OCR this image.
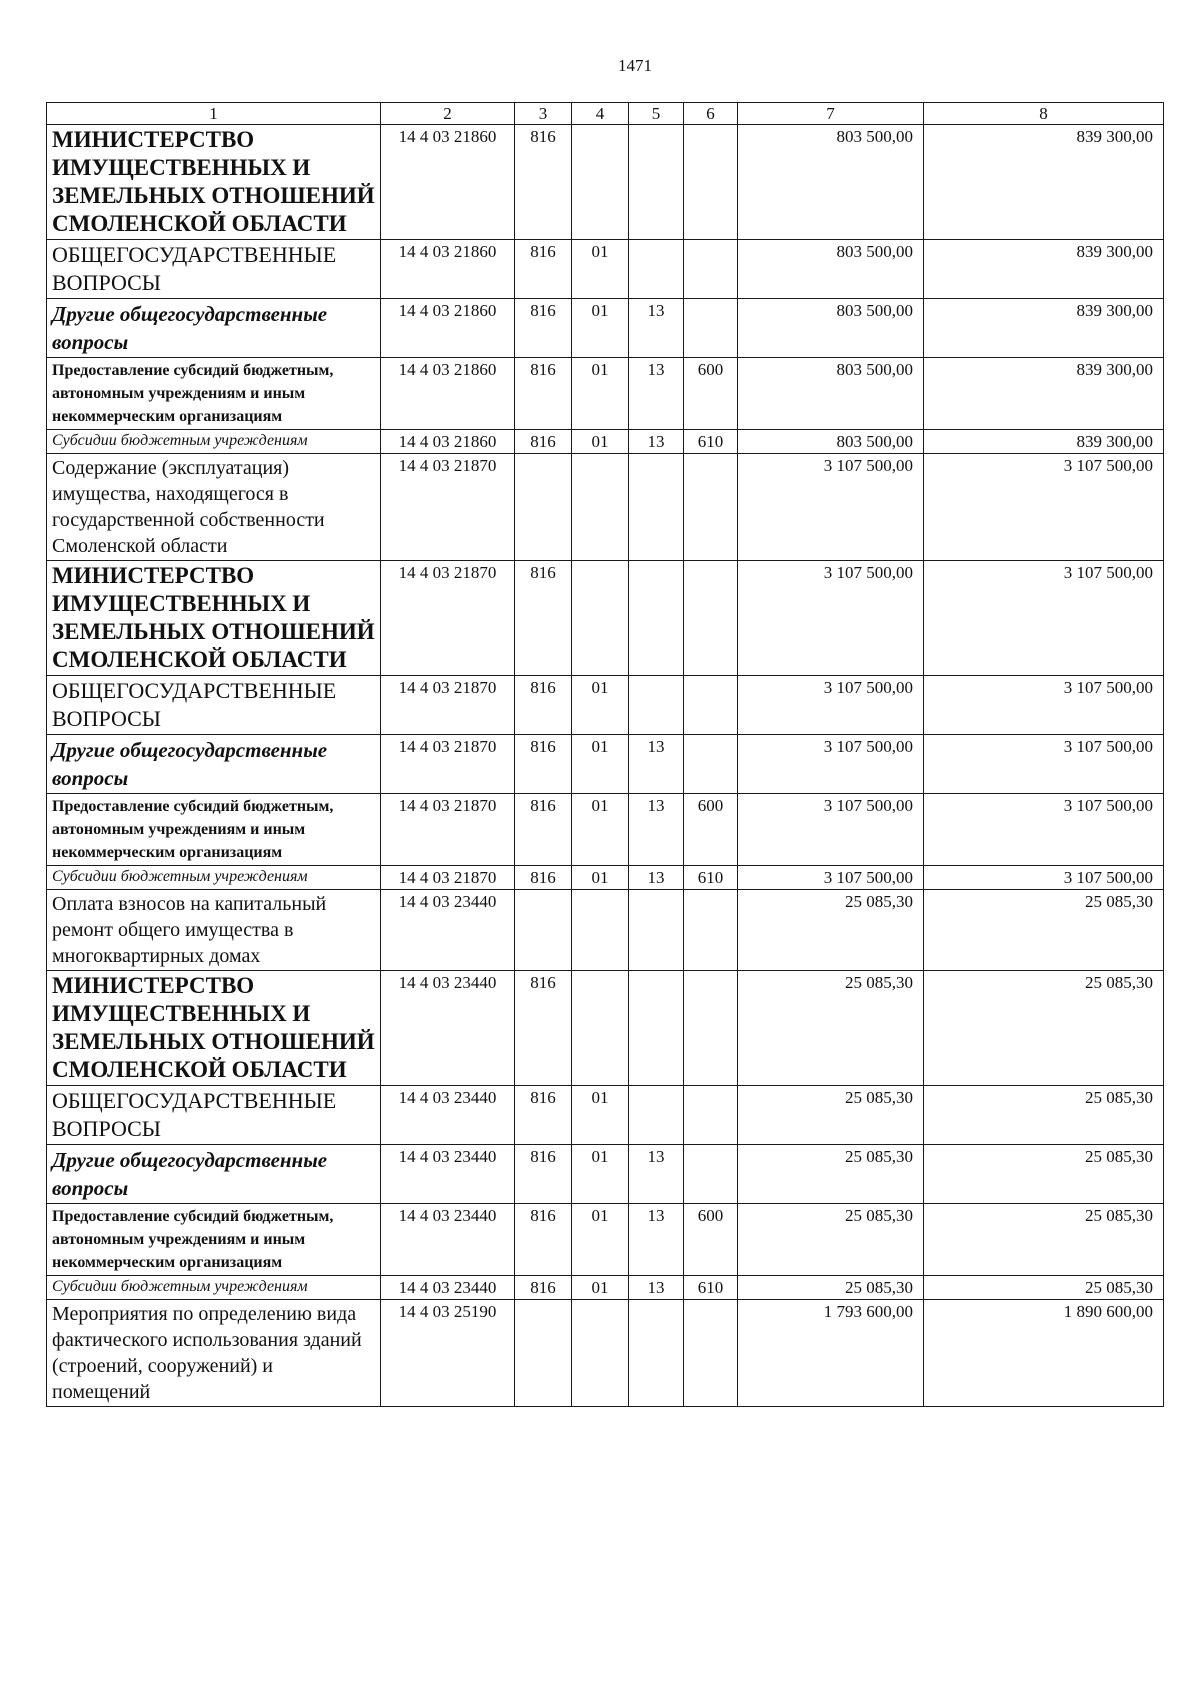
1471
1	2	3	4	5	6	7	8
МИНИСТЕРСТВО ИМУЩЕСТВЕННЫХ И ЗЕМЕЛЬНЫХ ОТНОШЕНИЙ СМОЛЕНСКОЙ ОБЛАСТИ	14 4 03 21860	816				803 500,00	839 300,00
ОБЩЕГОСУДАРСТВЕННЫЕ ВОПРОСЫ	14 4 03 21860	816	01			803 500,00	839 300,00
Другие общегосударственные вопросы	14 4 03 21860	816	01	13		803 500,00	839 300,00
Предоставление субсидий бюджетным, автономным учреждениям и иным некоммерческим организациям	14 4 03 21860	816	01	13	600	803 500,00	839 300,00
Субсидии бюджетным учреждениям	14 4 03 21860	816	01	13	610	803 500,00	839 300,00
Содержание (эксплуатация) имущества, находящегося в государственной собственности Смоленской области	14 4 03 21870					3 107 500,00	3 107 500,00
МИНИСТЕРСТВО ИМУЩЕСТВЕННЫХ И ЗЕМЕЛЬНЫХ ОТНОШЕНИЙ СМОЛЕНСКОЙ ОБЛАСТИ	14 4 03 21870	816				3 107 500,00	3 107 500,00
ОБЩЕГОСУДАРСТВЕННЫЕ ВОПРОСЫ	14 4 03 21870	816	01			3 107 500,00	3 107 500,00
Другие общегосударственные вопросы	14 4 03 21870	816	01	13		3 107 500,00	3 107 500,00
Предоставление субсидий бюджетным, автономным учреждениям и иным некоммерческим организациям	14 4 03 21870	816	01	13	600	3 107 500,00	3 107 500,00
Субсидии бюджетным учреждениям	14 4 03 21870	816	01	13	610	3 107 500,00	3 107 500,00
Оплата взносов на капитальный ремонт общего имущества в многоквартирных домах	14 4 03 23440					25 085,30	25 085,30
МИНИСТЕРСТВО ИМУЩЕСТВЕННЫХ И ЗЕМЕЛЬНЫХ ОТНОШЕНИЙ СМОЛЕНСКОЙ ОБЛАСТИ	14 4 03 23440	816				25 085,30	25 085,30
ОБЩЕГОСУДАРСТВЕННЫЕ ВОПРОСЫ	14 4 03 23440	816	01			25 085,30	25 085,30
Другие общегосударственные вопросы	14 4 03 23440	816	01	13		25 085,30	25 085,30
Предоставление субсидий бюджетным, автономным учреждениям и иным некоммерческим организациям	14 4 03 23440	816	01	13	600	25 085,30	25 085,30
Субсидии бюджетным учреждениям	14 4 03 23440	816	01	13	610	25 085,30	25 085,30
Мероприятия по определению вида фактического использования зданий (строений, сооружений) и помещений	14 4 03 25190					1 793 600,00	1 890 600,00
